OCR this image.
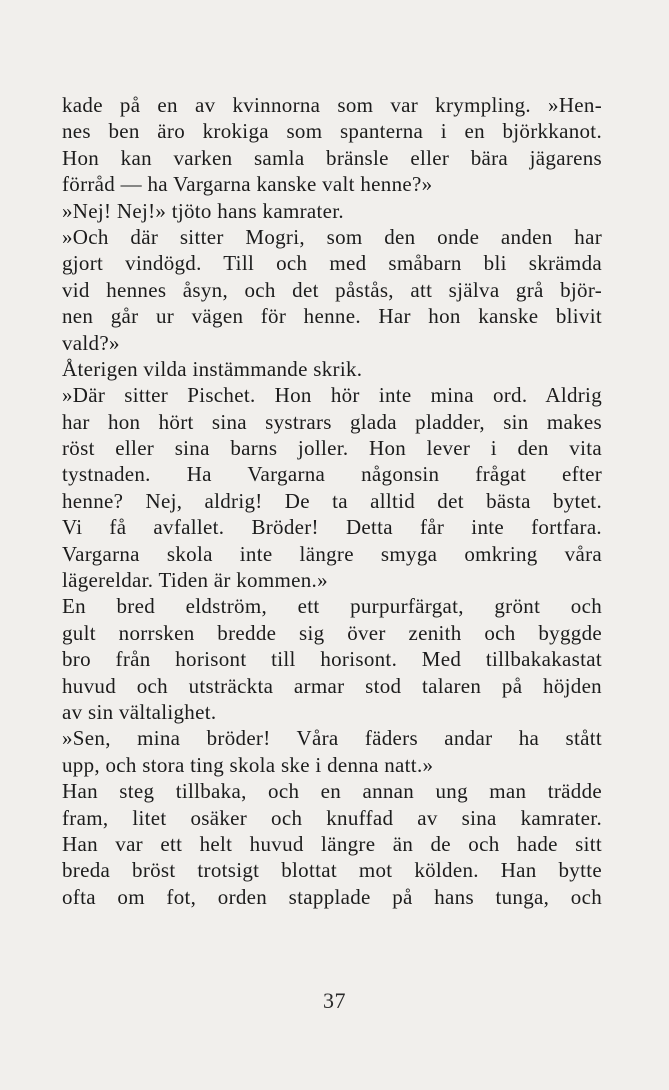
kade på en av kvinnorna som var krympling. »Hen-
nes ben äro krokiga som spanterna i en björkkanot.
Hon kan varken samla bränsle eller bära jägarens
förråd — ha Vargarna kanske valt henne?»
»Nej! Nej!» tjöto hans kamrater.
»Och där sitter Mogri, som den onde anden har
gjort vindögd. Till och med småbarn bli skrämda
vid hennes åsyn, och det påstås, att själva grå björ-
nen går ur vägen för henne. Har hon kanske blivit
vald?»
Återigen vilda instämmande skrik.
»Där sitter Pischet. Hon hör inte mina ord. Aldrig
har hon hört sina systrars glada pladder, sin makes
röst eller sina barns joller. Hon lever i den vita
tystnaden. Ha Vargarna någonsin frågat efter
henne? Nej, aldrig! De ta alltid det bästa bytet.
Vi få avfallet. Bröder! Detta får inte fortfara.
Vargarna skola inte längre smyga omkring våra
lägereldar. Tiden är kommen.»
En bred eldström, ett purpurfärgat, grönt och
gult norrsken bredde sig över zenith och byggde
bro från horisont till horisont. Med tillbakakastat
huvud och utsträckta armar stod talaren på höjden
av sin vältalighet.
»Sen, mina bröder! Våra fäders andar ha stått
upp, och stora ting skola ske i denna natt.»
Han steg tillbaka, och en annan ung man trädde
fram, litet osäker och knuffad av sina kamrater.
Han var ett helt huvud längre än de och hade sitt
breda bröst trotsigt blottat mot kölden. Han bytte
ofta om fot, orden stapplade på hans tunga, och
37
